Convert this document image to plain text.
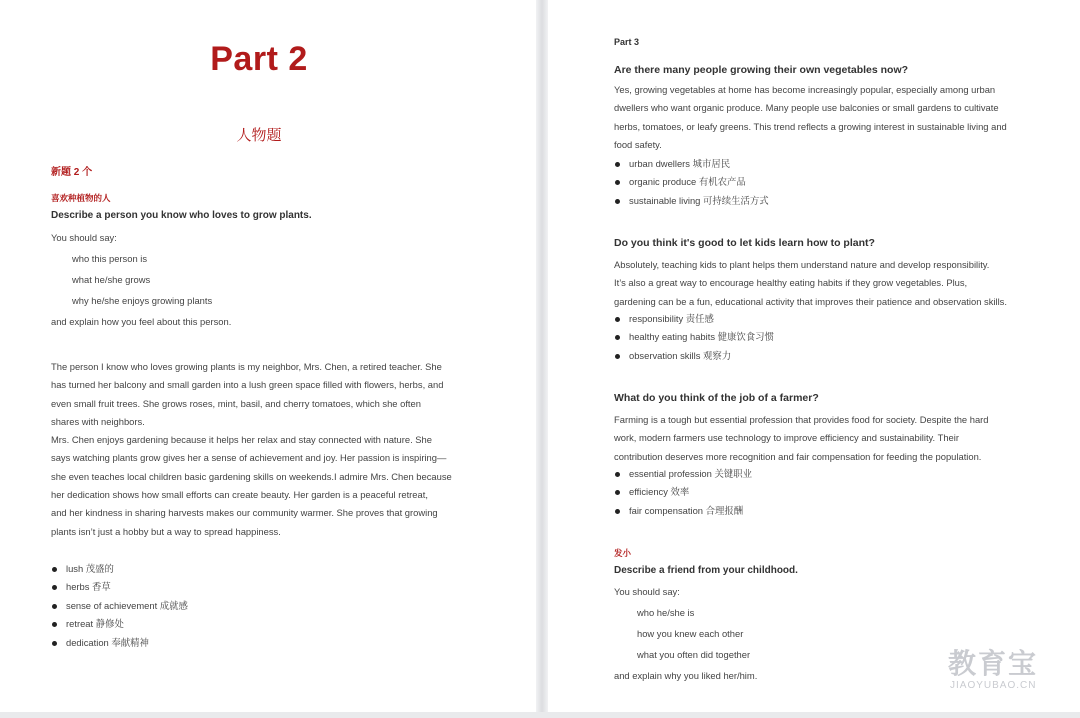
Part 2
人物题
新题 2 个
喜欢种植物的人
Describe a person you know who loves to grow plants.
You should say:
who this person is
what he/she grows
why he/she enjoys growing plants
and explain how you feel about this person.
The person I know who loves growing plants is my neighbor, Mrs. Chen, a retired teacher. She
has turned her balcony and small garden into a lush green space filled with flowers, herbs, and
even small fruit trees. She grows roses, mint, basil, and cherry tomatoes, which she often
shares with neighbors.
Mrs. Chen enjoys gardening because it helps her relax and stay connected with nature. She
says watching plants grow gives her a sense of achievement and joy. Her passion is inspiring—
she even teaches local children basic gardening skills on weekends.I admire Mrs. Chen because
her dedication shows how small efforts can create beauty. Her garden is a peaceful retreat,
and her kindness in sharing harvests makes our community warmer. She proves that growing
plants isn’t just a hobby but a way to spread happiness.
lush 茂盛的
herbs 香草
sense of achievement 成就感
retreat 静修处
dedication 奉献精神
Part 3
Are there many people growing their own vegetables now?
Yes, growing vegetables at home has become increasingly popular, especially among urban
dwellers who want organic produce. Many people use balconies or small gardens to cultivate
herbs, tomatoes, or leafy greens. This trend reflects a growing interest in sustainable living and
food safety.
urban dwellers 城市居民
organic produce 有机农产品
sustainable living 可持续生活方式
Do you think it's good to let kids learn how to plant?
Absolutely, teaching kids to plant helps them understand nature and develop responsibility.
It’s also a great way to encourage healthy eating habits if they grow vegetables. Plus,
gardening can be a fun, educational activity that improves their patience and observation skills.
responsibility 责任感
healthy eating habits 健康饮食习惯
observation skills 观察力
What do you think of the job of a farmer?
Farming is a tough but essential profession that provides food for society. Despite the hard
work, modern farmers use technology to improve efficiency and sustainability. Their
contribution deserves more recognition and fair compensation for feeding the population.
essential profession 关键职业
efficiency 效率
fair compensation 合理报酬
发小
Describe a friend from your childhood.
You should say:
who he/she is
how you knew each other
what you often did together
and explain why you liked her/him.	教育宝
JIAOYUBAO.CN
